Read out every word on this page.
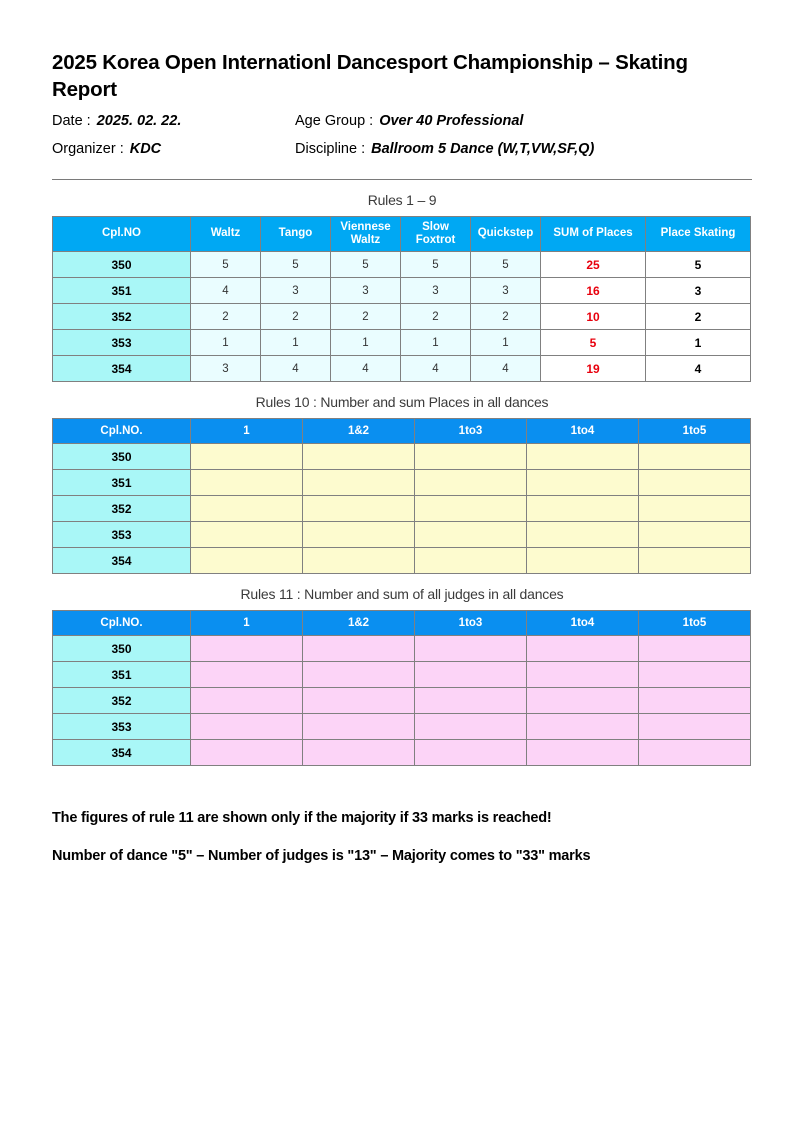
2025 Korea Open Internationl Dancesport Championship – Skating Report
Date : 2025. 02. 22.	Age Group : Over 40 Professional
Organizer : KDC	Discipline : Ballroom 5 Dance (W,T,VW,SF,Q)
Rules 1 – 9
Cpl.NO	Waltz	Tango	Viennese Waltz	Slow Foxtrot	Quickstep	SUM of Places	Place Skating
350	5	5	5	5	5	25	5
351	4	3	3	3	3	16	3
352	2	2	2	2	2	10	2
353	1	1	1	1	1	5	1
354	3	4	4	4	4	19	4
Rules 10 : Number and sum Places in all dances
Cpl.NO.	1	1&2	1to3	1to4	1to5
350					
351					
352					
353					
354					
Rules 11 : Number and sum of all judges in all dances
Cpl.NO.	1	1&2	1to3	1to4	1to5
350					
351					
352					
353					
354					
The figures of rule 11 are shown only if the majority if 33 marks is reached!
Number of dance "5" – Number of judges is "13" – Majority comes to "33" marks
